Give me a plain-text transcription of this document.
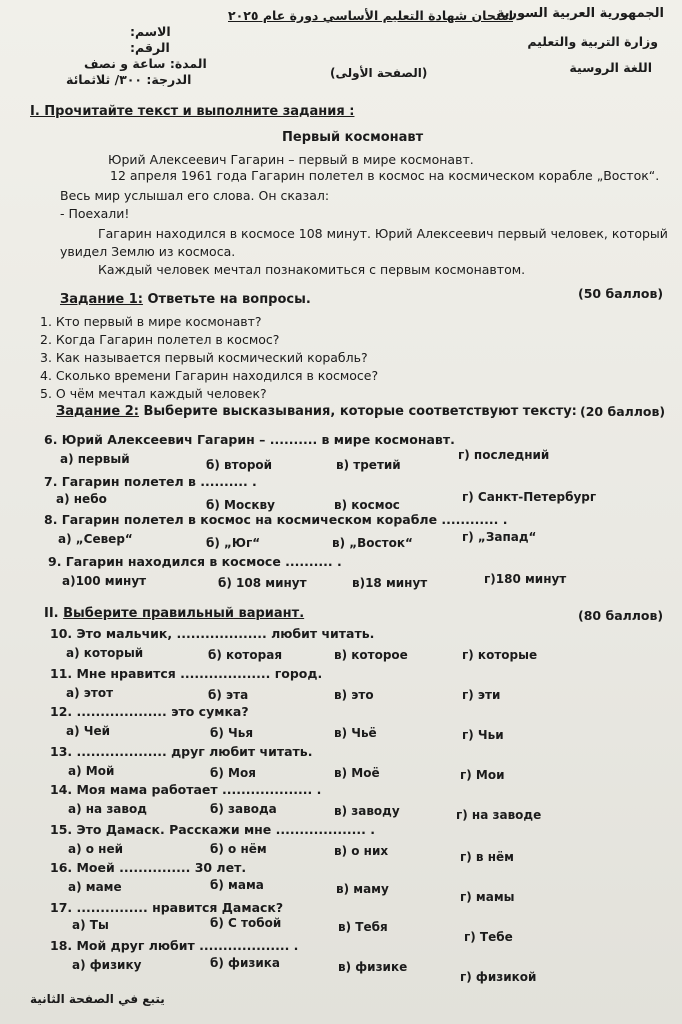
الجمهورية العربية السورية
وزارة التربية والتعليم
اللغة الروسية
امتحان شهادة التعليم الأساسي دورة عام ٢٠٢٥
(الصفحة الأولى)
الاسم:
الرقم:
المدة: ساعة و نصف
الدرجة: ٣٠٠/ ثلاثمائة
I. Прочитайте текст и выполните задания :
Первый космонавт
Юрий Алексеевич Гагарин – первый в мире космонавт.
12 апреля 1961 года Гагарин полетел в космос на космическом корабле „Восток“.
Весь мир услышал его слова. Он сказал:
- Поехали!
Гагарин находился в космосе 108 минут. Юрий Алексеевич первый человек, который
увидел Землю из космоса.
Каждый человек мечтал познакомиться с первым космонавтом.
(50 баллов)
Задание 1: Ответьте на вопросы.
1. Кто первый в мире космонавт?
2. Когда Гагарин полетел в космос?
3. Как называется первый космический корабль?
4. Сколько времени Гагарин находился в космосе?
5. О чём мечтал каждый человек?
Задание 2: Выберите высказывания, которые соответствуют тексту: (20 баллов)
6. Юрий Алексеевич Гагарин – .......... в мире космонавт.
а) первый	б) второй	в) третий
г) последний
7. Гагарин полетел в .......... .
а) небо	б) Москву	в) космос
г) Санкт-Петербург
8. Гагарин полетел в космос на космическом корабле ............ .
а) „Север“	б) „Юг“	в) „Восток“	г) „Запад“
9. Гагарин находился в космосе .......... .
а)100 минут	б) 108 минут	в)18 минут	г)180 минут
II. Выберите правильный вариант.	(80 баллов)
10. Это мальчик, ................... любит читать.
а) который	б) которая	в) которое	г) которые
11. Мне нравится ................... город.
а) этот	б) эта	в) это	г) эти
12. ................... это сумка?
а) Чей	б) Чья	в) Чьё	г) Чьи
13. ................... друг любит читать.
а) Мой	б) Моя	в) Моё	г) Мои
14. Моя мама работает ................... .
а) на завод	б) завода	в) заводу	г) на заводе
15. Это Дамаск. Расскажи мне ................... .
а) о ней	б) о нём	в) о них	г) в нём
16. Моей ............... 30 лет.
а) маме	б) мама	в) маму
г) мамы
17. ............... нравится Дамаск?
а) Ты	б) С тобой	в) Тебя
г) Тебе
18. Мой друг любит ................... .
а) физику	б) физика	в) физике
г) физикой
يتبع في الصفحة الثانية
